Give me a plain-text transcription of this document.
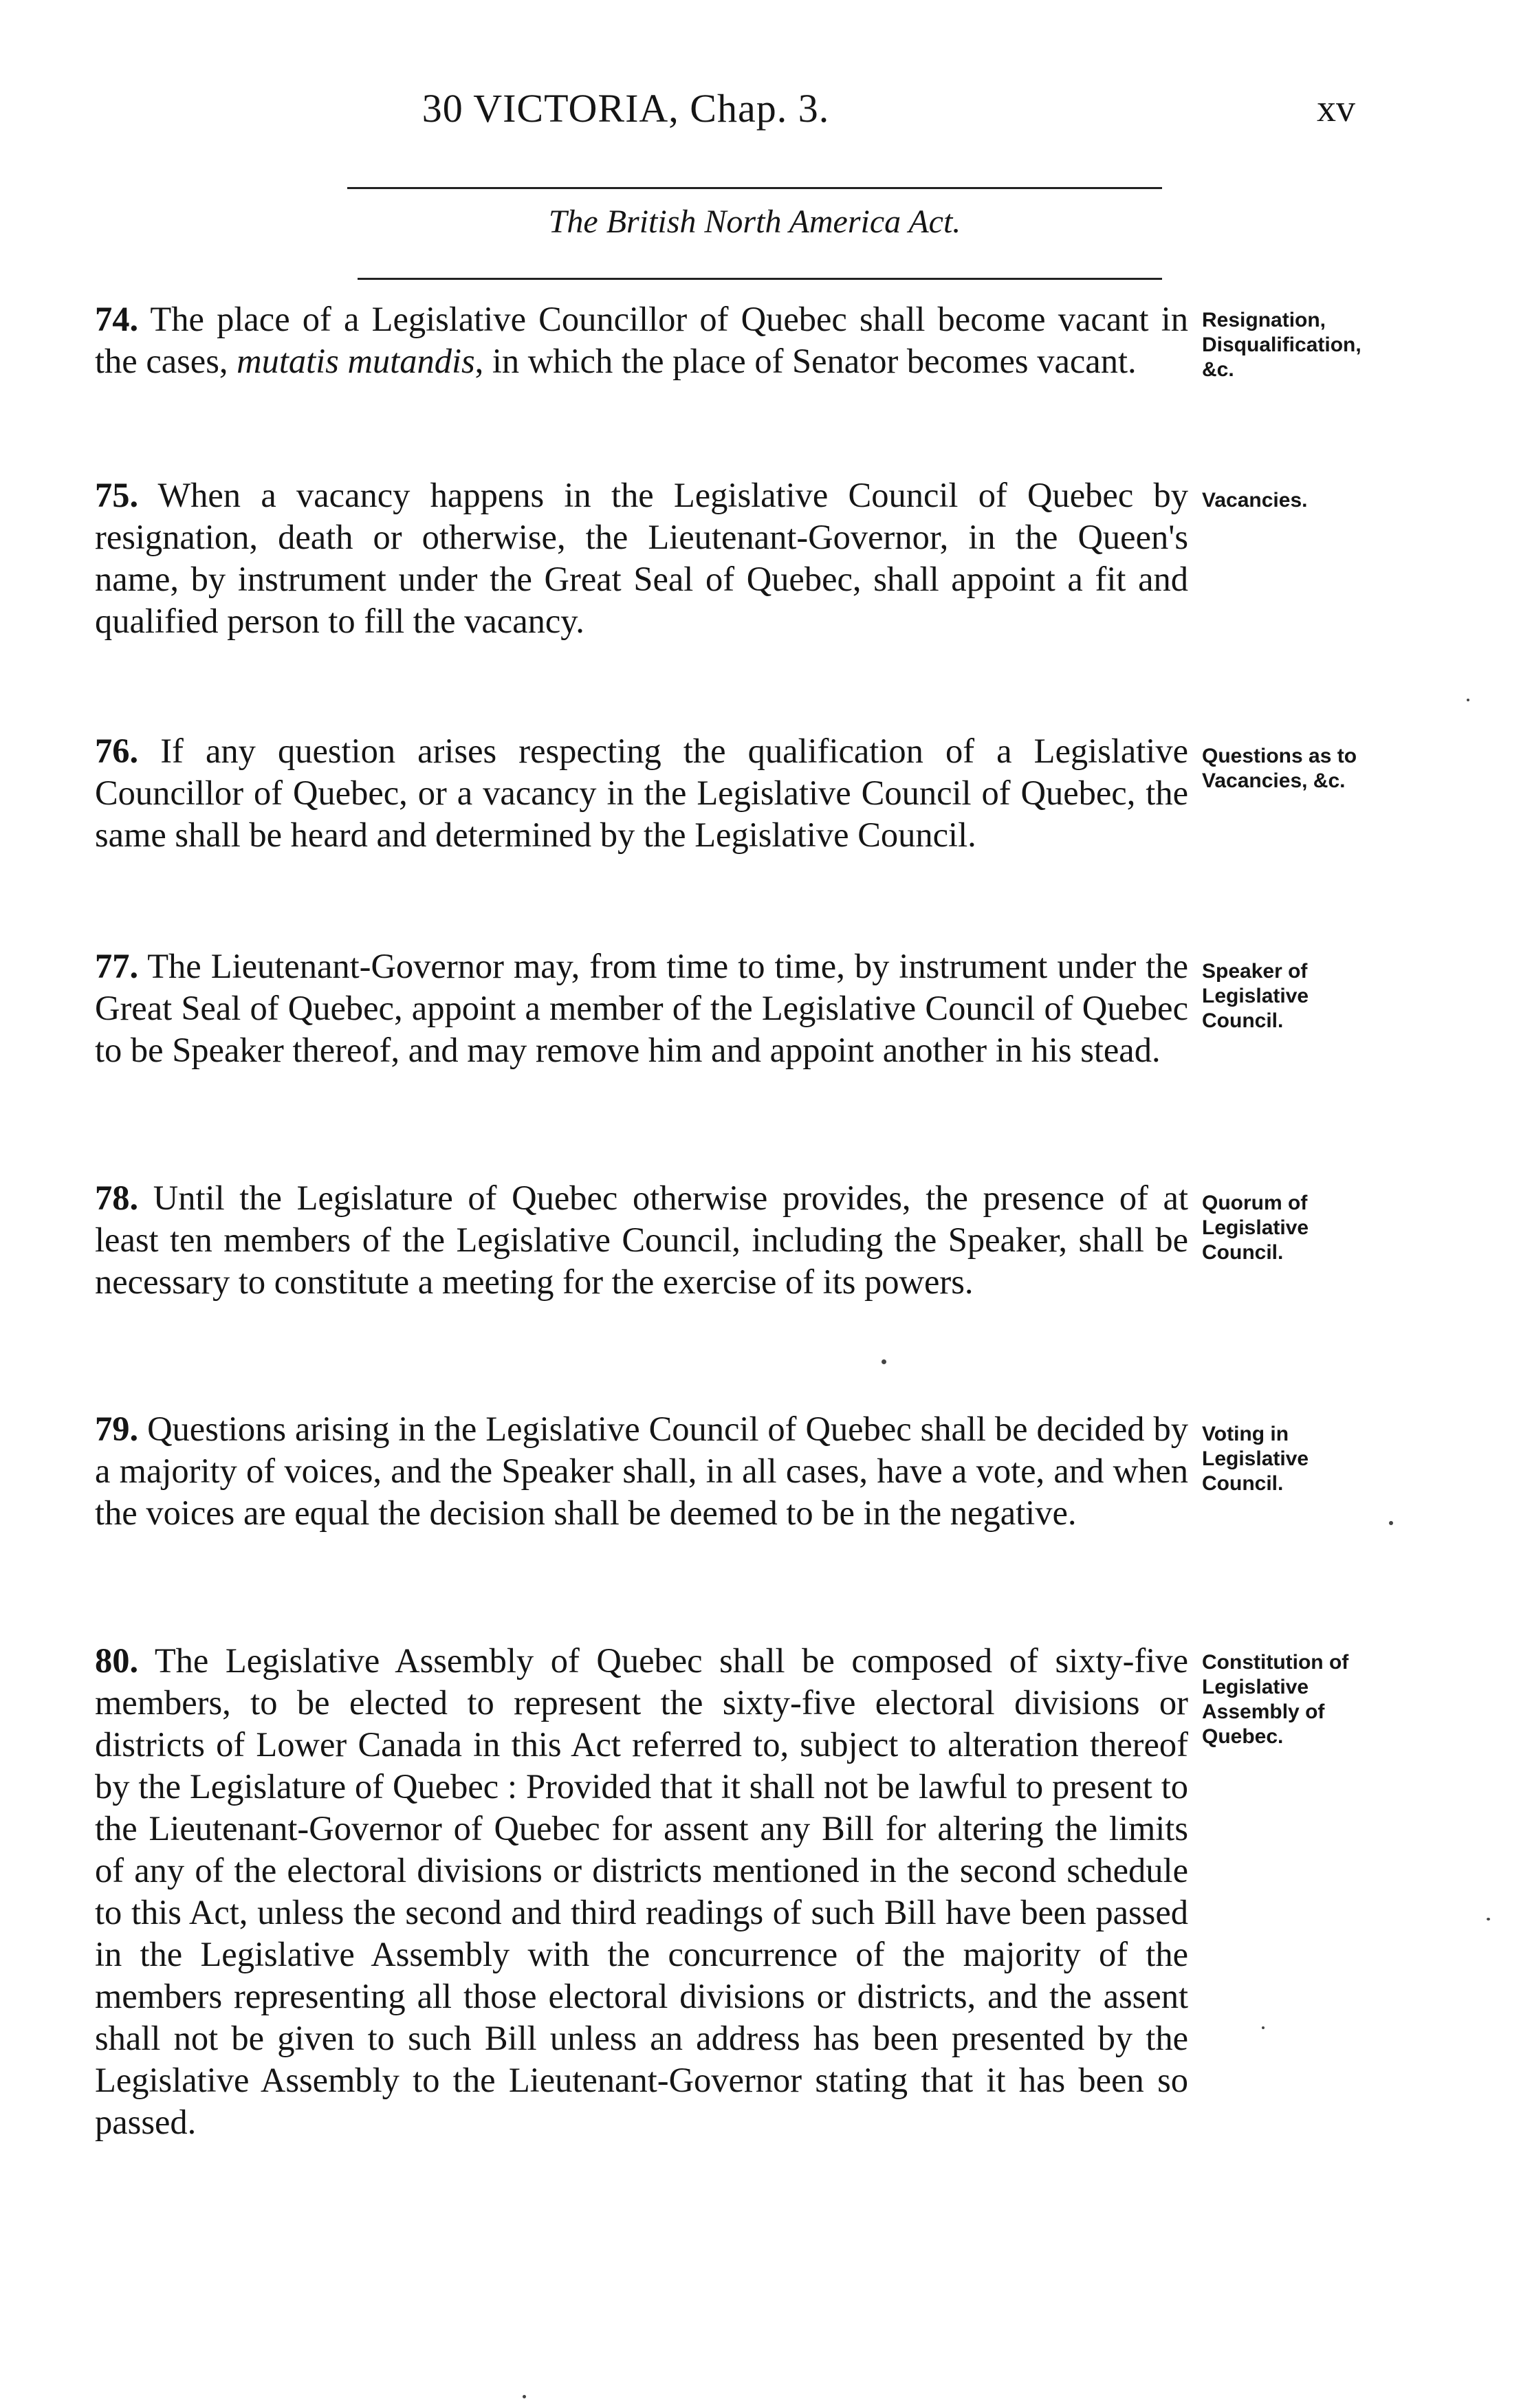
30 VICTORIA, Chap. 3.	xv
The British North America Act.

74. The place of a Legislative Councillor of Quebec shall become vacant in the cases, mutatis mutandis, in which the place of Senator becomes vacant.

Resignation,
Disqualification, &c.

75. When a vacancy happens in the Legislative Council of Quebec by resignation, death or otherwise, the Lieutenant-Governor, in the Queen's name, by instrument under the Great Seal of Quebec, shall appoint a fit and qualified person to fill the vacancy.

Vacancies.

76. If any question arises respecting the qualification of a Legislative Councillor of Quebec, or a vacancy in the Legislative Council of Quebec, the same shall be heard and determined by the Legislative Council.

Questions as to Vacancies, &c.

77. The Lieutenant-Governor may, from time to time, by instrument under the Great Seal of Quebec, appoint a member of the Legislative Council of Quebec to be Speaker thereof, and may remove him and appoint another in his stead.

Speaker of Legislative Council.

78. Until the Legislature of Quebec otherwise provides, the presence of at least ten members of the Legislative Council, including the Speaker, shall be necessary to constitute a meeting for the exercise of its powers.

Quorum of Legislative Council.

79. Questions arising in the Legislative Council of Quebec shall be decided by a majority of voices, and the Speaker shall, in all cases, have a vote, and when the voices are equal the decision shall be deemed to be in the negative.

Voting in Legislative Council.

80. The Legislative Assembly of Quebec shall be composed of sixty-five members, to be elected to represent the sixty-five electoral divisions or districts of Lower Canada in this Act referred to, subject to alteration thereof by the Legislature of Quebec : Provided that it shall not be lawful to present to the Lieutenant-Governor of Quebec for assent any Bill for altering the limits of any of the electoral divisions or districts mentioned in the second schedule to this Act, unless the second and third readings of such Bill have been passed in the Legislative Assembly with the concurrence of the majority of the members representing all those electoral divisions or districts, and the assent shall not be given to such Bill unless an address has been presented by the Legislative Assembly to the Lieutenant-Governor stating that it has been so passed.

Constitution of Legislative Assembly of Quebec.
